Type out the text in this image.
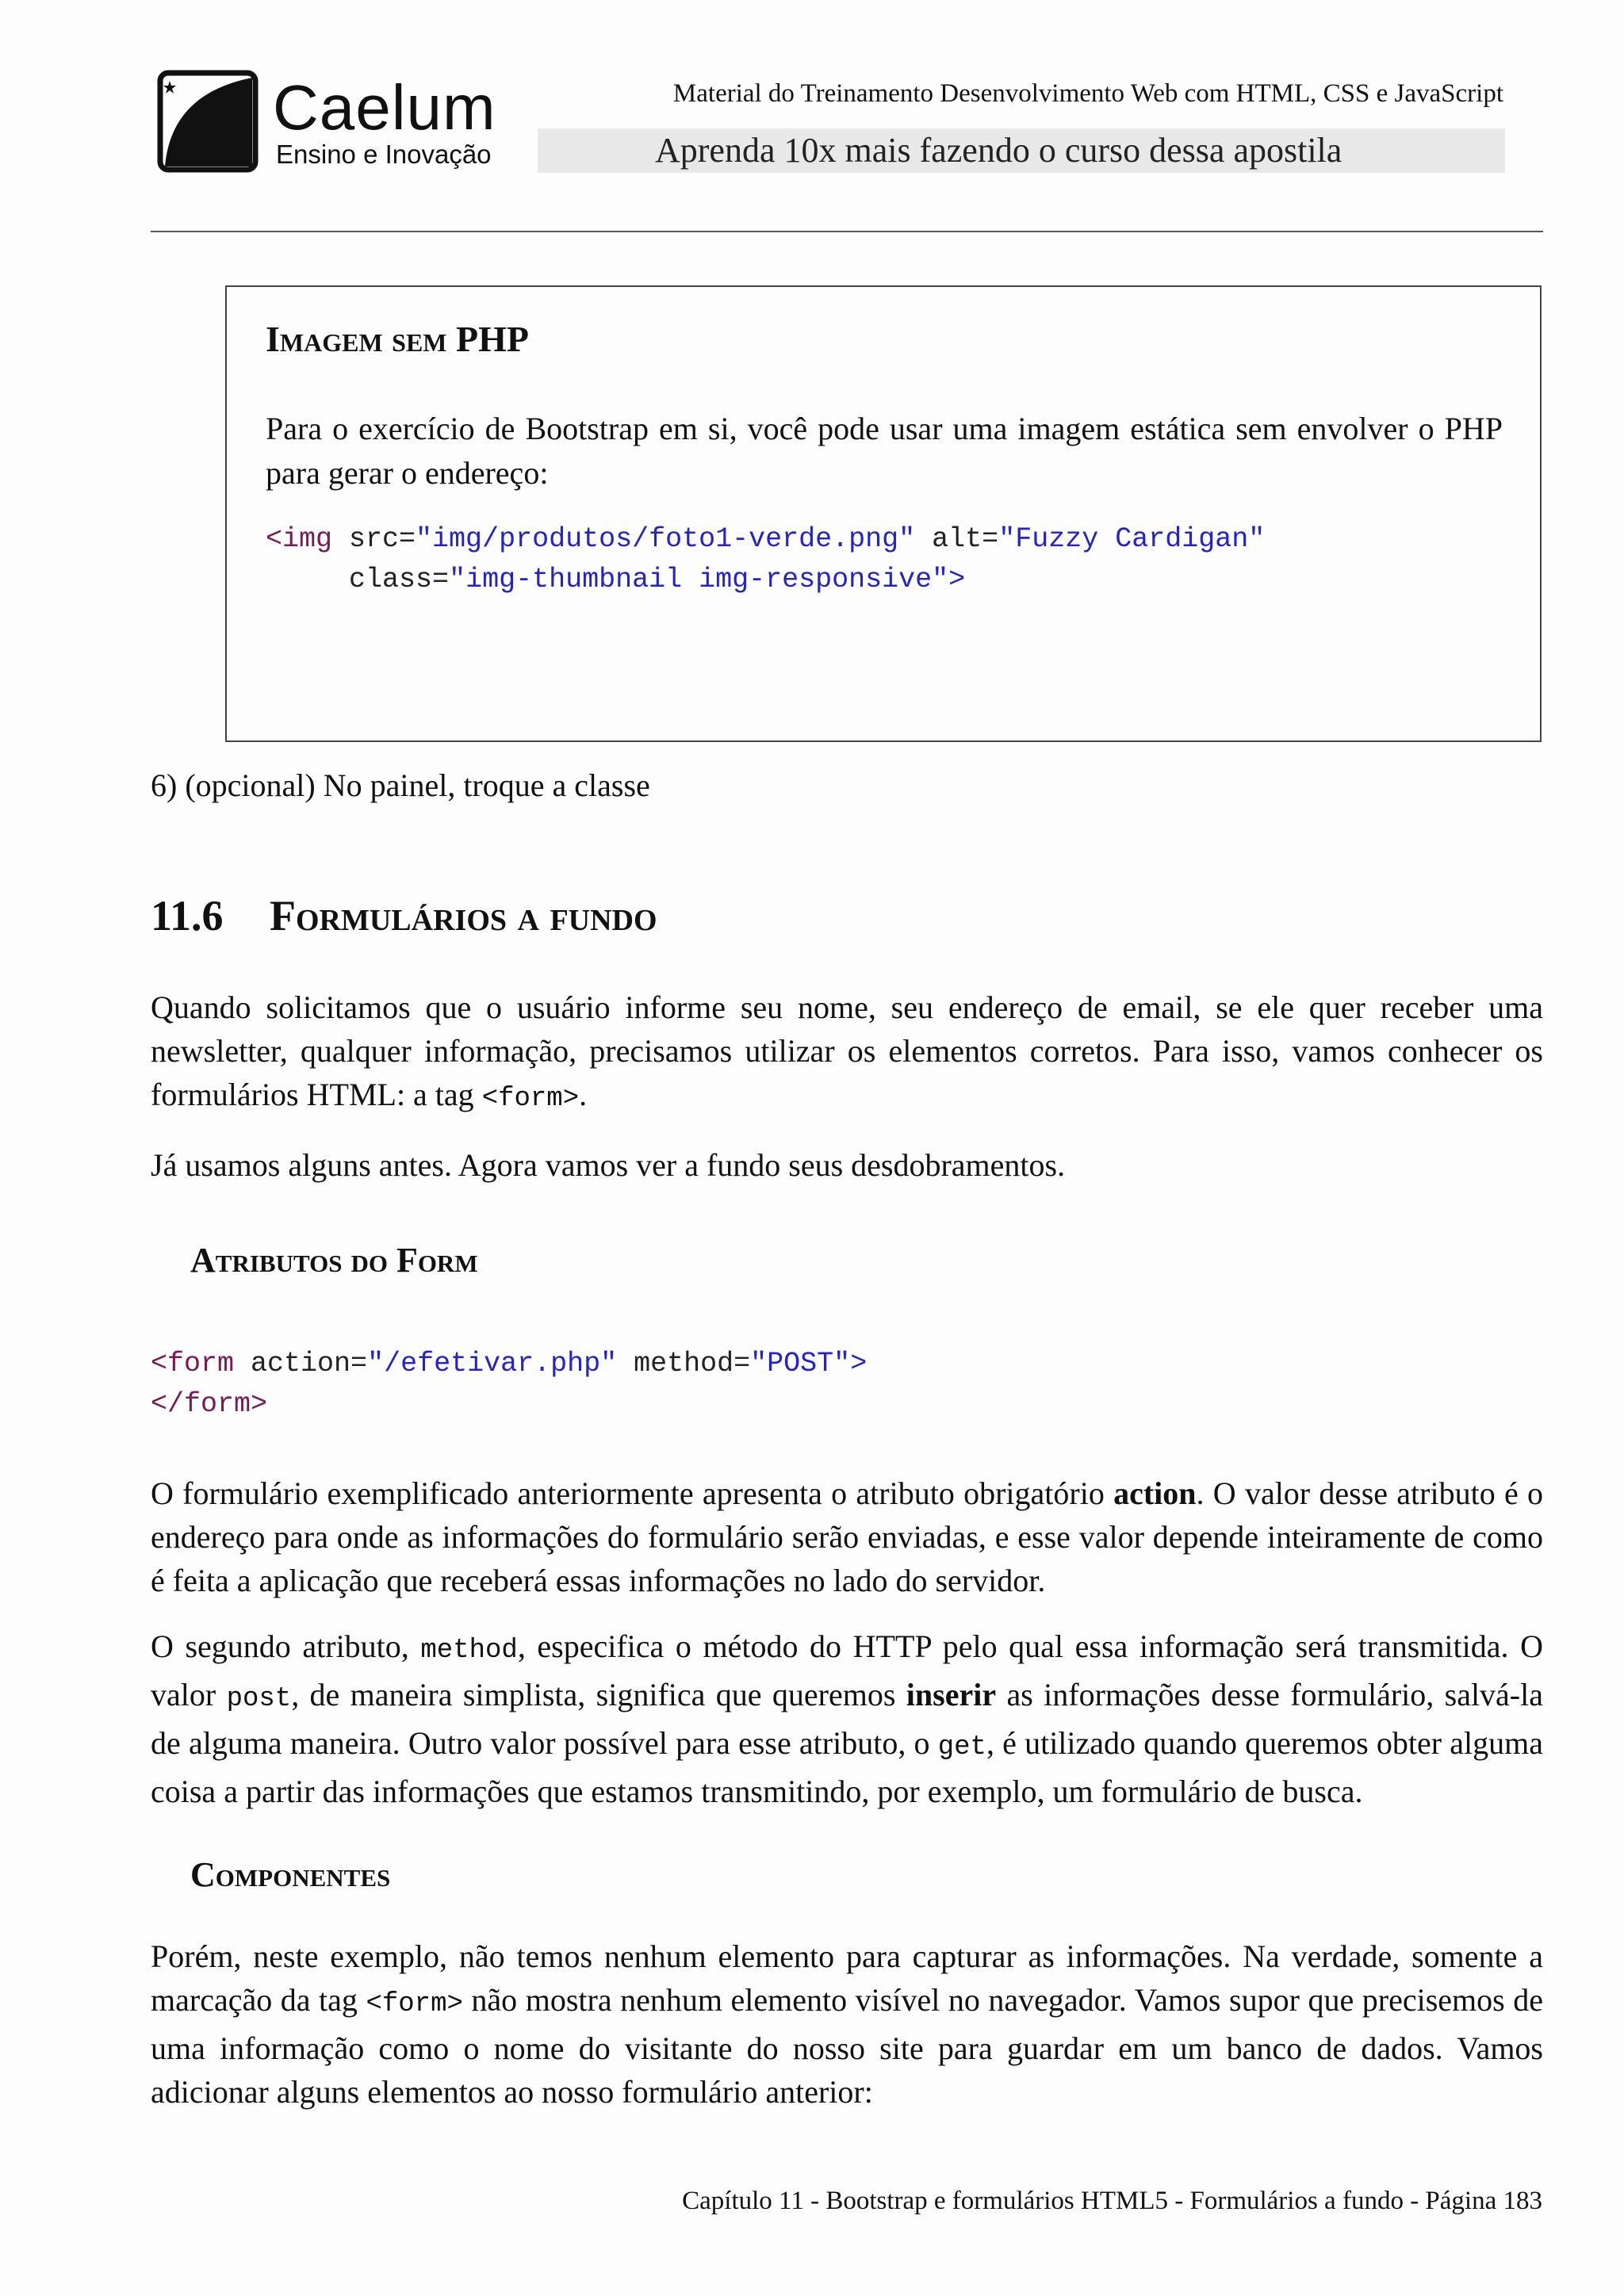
Caelum
Ensino e Inovação
Material do Treinamento Desenvolvimento Web com HTML, CSS e JavaScript
Aprenda 10x mais fazendo o curso dessa apostila
Imagem sem PHP
Para o exercício de Bootstrap em si, você pode usar uma imagem estática sem envolver o PHP para gerar o endereço:
<img src="img/produtos/foto1-verde.png" alt="Fuzzy Cardigan"
class="img-thumbnail img-responsive">
6) (opcional) No painel, troque a classe
11.6 Formulários a fundo

Quando solicitamos que o usuário informe seu nome, seu endereço de email, se ele quer receber uma newsletter, qualquer informação, precisamos utilizar os elementos corretos. Para isso, vamos conhecer os formulários HTML: a tag <form>.

Já usamos alguns antes. Agora vamos ver a fundo seus desdobramentos.

Atributos do Form
<form action="/efetivar.php" method="POST">
</form>

O formulário exemplificado anteriormente apresenta o atributo obrigatório action. O valor desse atributo é o endereço para onde as informações do formulário serão enviadas, e esse valor depende inteiramente de como é feita a aplicação que receberá essas informações no lado do servidor.

O segundo atributo, method, especifica o método do HTTP pelo qual essa informação será transmitida. O valor post, de maneira simplista, significa que queremos inserir as informações desse formulário, salvá-la de alguma maneira. Outro valor possível para esse atributo, o get, é utilizado quando queremos obter alguma coisa a partir das informações que estamos transmitindo, por exemplo, um formulário de busca.

Componentes

Porém, neste exemplo, não temos nenhum elemento para capturar as informações. Na verdade, somente a marcação da tag <form> não mostra nenhum elemento visível no navegador. Vamos supor que precisemos de uma informação como o nome do visitante do nosso site para guardar em um banco de dados. Vamos adicionar alguns elementos ao nosso formulário anterior:

Capítulo 11 - Bootstrap e formulários HTML5 - Formulários a fundo - Página 183
